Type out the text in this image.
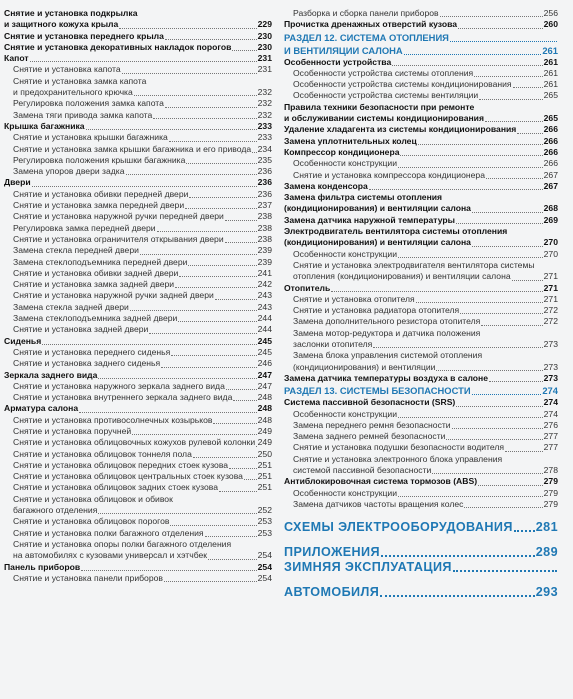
Снятие и установка подкрылка
и защитного кожуха крыла	229
Снятие и установка переднего крыла	230
Снятие и установка декоративных накладок порогов	230
Капот	231
Снятие и установка капота	231
Снятие и установка замка капота
и предохранительного крючка	232
Регулировка положения замка капота	232
Замена тяги привода замка капота	232
Крышка багажника	233
Снятие и установка крышки багажника	233
Снятие и установка замка крышки багажника и его привода 234
Регулировка положения крышки багажника	235
Замена упоров двери задка	236
Двери	236
Снятие и установка обивки передней двери	236
Снятие и установка замка передней двери	237
Снятие и установка наружной ручки передней двери	238
Регулировка замка передней двери	238
Снятие и установка ограничителя открывания двери	238
Замена стекла передней двери	239
Замена стеклоподъемника передней двери	239
Снятие и установка обивки задней двери	241
Снятие и установка замка задней двери	242
Снятие и установка наружной ручки задней двери	243
Замена стекла задней двери	243
Замена стеклоподъемника задней двери	244
Снятие и установка задней двери	244
Сиденья	245
Снятие и установка переднего сиденья	245
Снятие и установка заднего сиденья	246
Зеркала заднего вида	247
Снятие и установка наружного зеркала заднего вида	247
Снятие и установка внутреннего зеркала заднего вида	248
Арматура салона	248
Снятие и установка противосолнечных козырьков	248
Снятие и установка поручней	249
Снятие и установка облицовочных кожухов рулевой колонки 249
Снятие и установка облицовок тоннеля пола	250
Снятие и установка облицовок передних стоек кузова	251
Снятие и установка облицовок центральных стоек кузова 251
Снятие и установка облицовок задних стоек кузова	251
Снятие и установка облицовок и обивок
багажного отделения	252
Снятие и установка облицовок порогов	253
Снятие и установка полки багажного отделения	253
Снятие и установка опоры полки багажного отделения
на автомобилях с кузовами универсал и хэтчбек	254
Панель приборов	254
Снятие и установка панели приборов	254
Разборка и сборка панели приборов	256
Прочистка дренажных отверстий кузова	260
РАЗДЕЛ 12. СИСТЕМА ОТОПЛЕНИЯ
И ВЕНТИЛЯЦИИ САЛОНА	261
Особенности устройства	261
Особенности устройства системы отопления	261
Особенности устройства системы кондиционирования	261
Особенности устройства системы вентиляции	265
Правила техники безопасности при ремонте
и обслуживании системы кондиционирования	265
Удаление хладагента из системы кондиционирования	266
Замена уплотнительных колец	266
Компрессор кондиционера	266
Особенности конструкции	266
Снятие и установка компрессора кондиционера	267
Замена конденсора	267
Замена фильтра системы отопления
(кондиционирования) и вентиляции салона	268
Замена датчика наружной температуры	269
Электродвигатель вентилятора системы отопления
(кондиционирования) и вентиляции салона	270
Особенности конструкции	270
Снятие и установка электродвигателя вентилятора системы
отопления (кондиционирования) и вентиляции салона	271
Отопитель	271
Снятие и установка отопителя	271
Снятие и установка радиатора отопителя	272
Замена дополнительного резистора отопителя	272
Замена мотор-редуктора и датчика положения
заслонки отопителя	273
Замена блока управления системой отопления
(кондиционирования) и вентиляции	273
Замена датчика температуры воздуха в салоне	273
РАЗДЕЛ 13. СИСТЕМЫ БЕЗОПАСНОСТИ	274
Система пассивной безопасности (SRS)	274
Особенности конструкции	274
Замена переднего ремня безопасности	276
Замена заднего ремней безопасности	277
Снятие и установка подушки безопасности водителя	277
Снятие и установка электронного блока управления
системой пассивной безопасности	278
Антиблокировочная система тормозов (ABS)	279
Особенности конструкции	279
Замена датчиков частоты вращения колес	279
СХЕМЫ ЭЛЕКТРООБОРУДОВАНИЯ 281
ПРИЛОЖЕНИЯ	289
ЗИМНЯЯ ЭКСПЛУАТАЦИЯ
АВТОМОБИЛЯ	293
